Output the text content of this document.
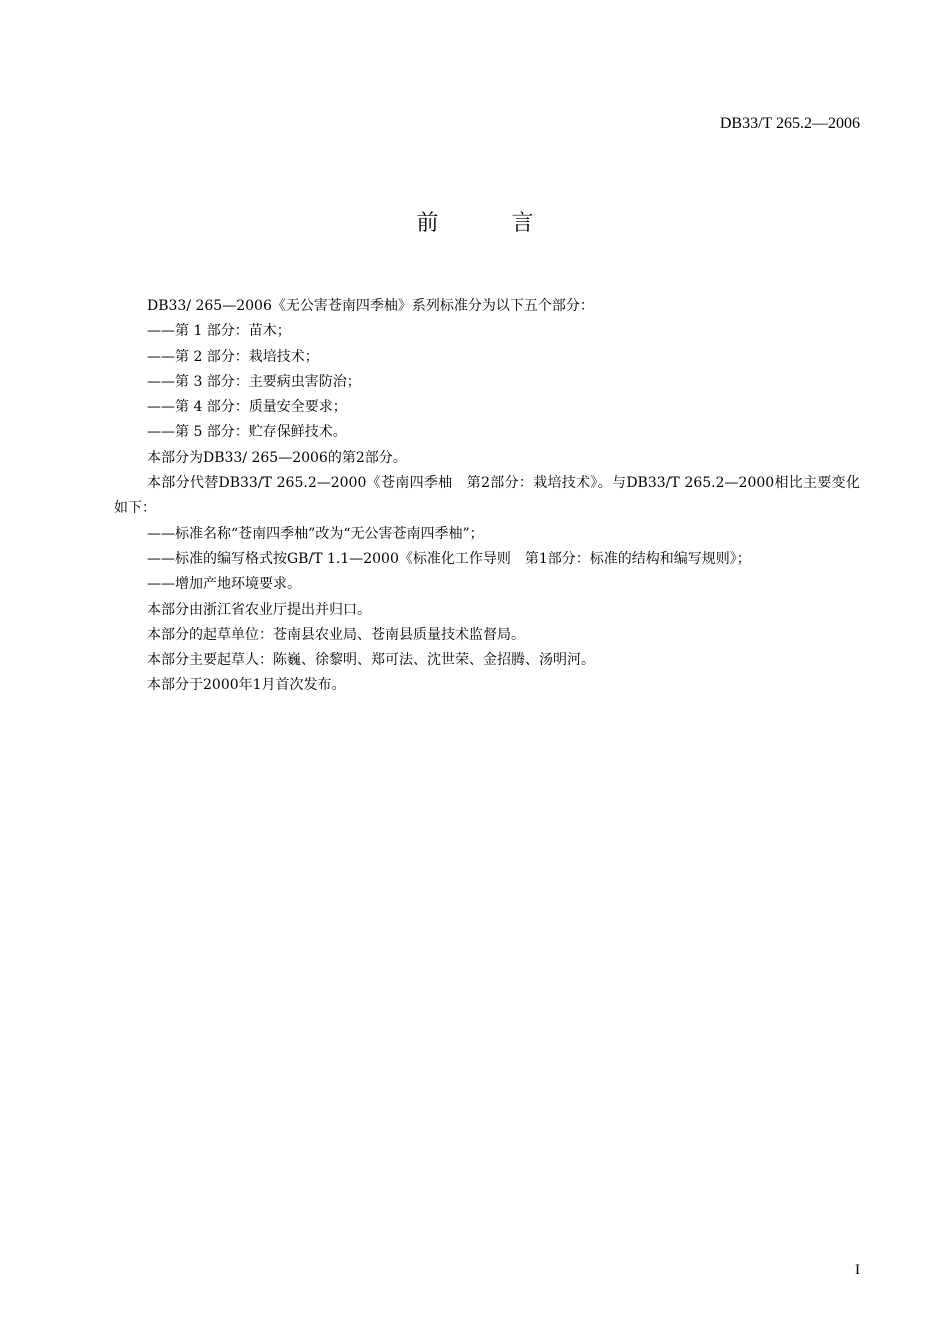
DB33/T 265.2—2006
前 言
DB33/ 265—2006《无公害苍南四季柚》系列标准分为以下五个部分：
——第 1 部分：苗木；
——第 2 部分：栽培技术；
——第 3 部分：主要病虫害防治；
——第 4 部分：质量安全要求；
——第 5 部分：贮存保鲜技术。
本部分为DB33/ 265—2006的第2部分。
本部分代替DB33/T 265.2—2000《苍南四季柚　第2部分：栽培技术》。与DB33/T 265.2—2000相比主要变化如下：
——标准名称“苍南四季柚”改为“无公害苍南四季柚”；
——标准的编写格式按GB/T 1.1—2000《标准化工作导则　第1部分：标准的结构和编写规则》；
——增加产地环境要求。
本部分由浙江省农业厅提出并归口。
本部分的起草单位：苍南县农业局、苍南县质量技术监督局。
本部分主要起草人：陈巍、徐黎明、郑可法、沈世荣、金招腾、汤明河。
本部分于2000年1月首次发布。
I
